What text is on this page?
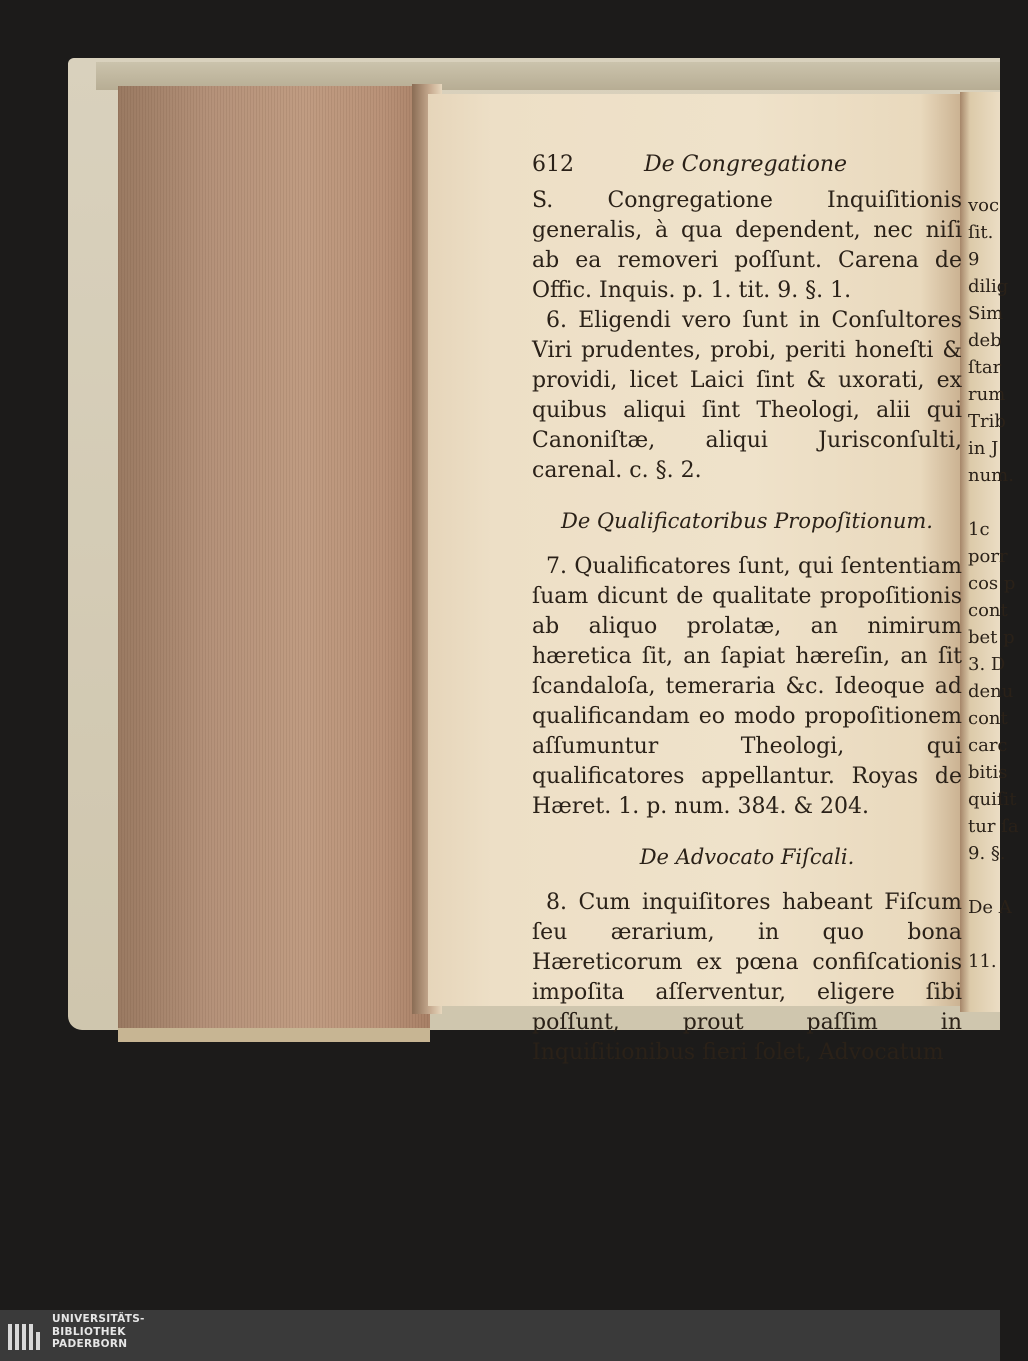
voc
ſit.
9
dilig
Sim
deb
ſtar
rum
Trib
in J
num.

1c
porr
cos p
cont
bet p
3. D
denu
cont
carc
bitis
quiſit
tur ſa
9. §.

De A

11.
612	De Congregatione

S. Congregatione Inquiſitionis generalis, à qua dependent, nec niſi ab ea removeri poſſunt. Carena de Offic. Inquis. p. 1. tit. 9. §. 1.

6. Eligendi vero ſunt in Conſultores Viri prudentes, probi, periti honeſti & providi, licet Laici ſint & uxorati, ex quibus aliqui ſint Theologi, alii qui Canoniſtæ, aliqui Jurisconſulti, carenal. c. §. 2.

De Qualificatoribus Propoſitionum.

7. Qualificatores ſunt, qui ſententiam ſuam dicunt de qualitate propoſitionis ab aliquo prolatæ, an nimirum hæretica ſit, an ſapiat hæreſin, an ſit ſcandaloſa, temeraria &c. Ideoque ad qualificandam eo modo propoſitionem aſſumuntur Theologi, qui qualificatores appellantur. Royas de Hæret. 1. p. num. 384. & 204.

De Advocato Fiſcali.

8. Cum inquiſitores habeant Fiſcum ſeu ærarium, in quo bona Hæreticorum ex pœna confiſcationis impoſita aſſerventur, eligere ſibi poſſunt, prout paſſim in Inquiſitionibus fieri ſolet, Advocatum

UNIVERSITÄTS-
BIBLIOTHEK
PADERBORN
